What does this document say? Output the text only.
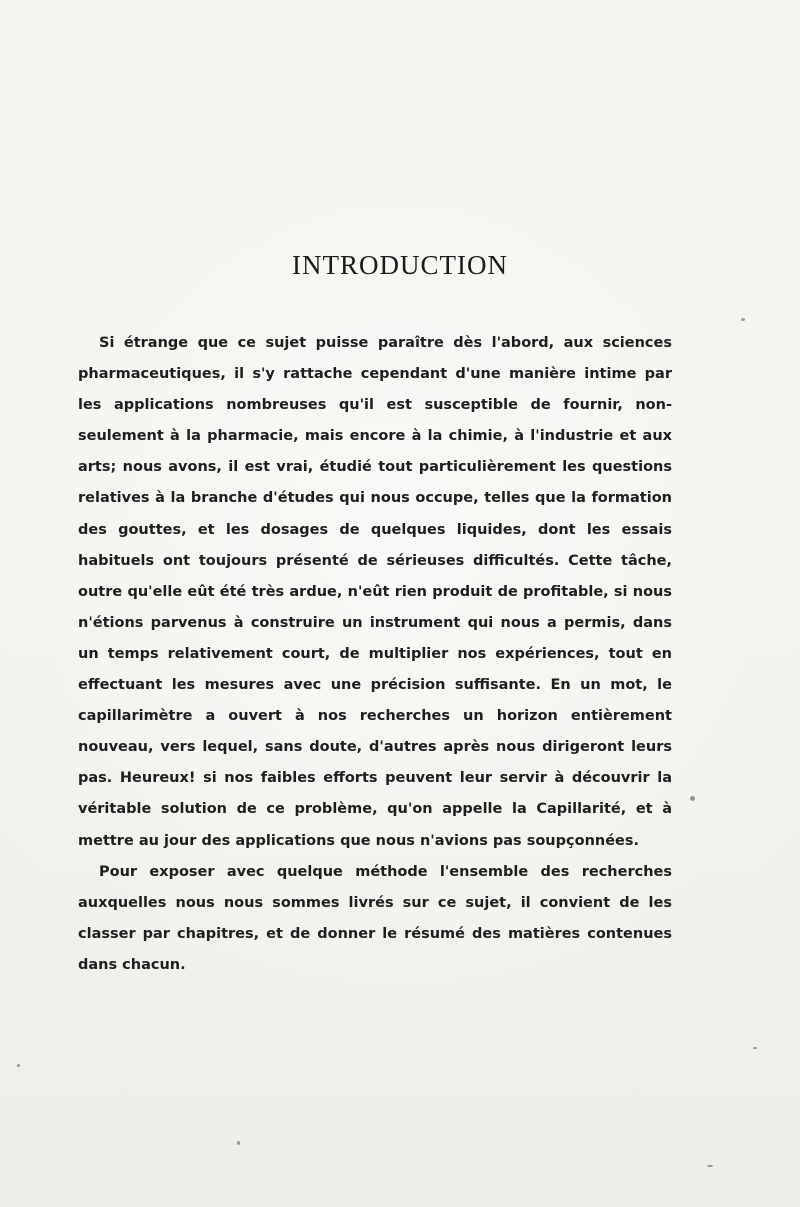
INTRODUCTION

Si étrange que ce sujet puisse paraître dès l'abord, aux sciences pharmaceutiques, il s'y rattache cependant d'une manière intime par les applications nombreuses qu'il est susceptible de fournir, non-seulement à la pharmacie, mais encore à la chimie, à l'industrie et aux arts; nous avons, il est vrai, étudié tout particulièrement les questions relatives à la branche d'études qui nous occupe, telles que la formation des gouttes, et les dosages de quelques liquides, dont les essais habituels ont toujours présenté de sérieuses difficultés. Cette tâche, outre qu'elle eût été très ardue, n'eût rien produit de profitable, si nous n'étions parvenus à construire un instrument qui nous a permis, dans un temps relativement court, de multiplier nos expériences, tout en effectuant les mesures avec une précision suffisante. En un mot, le capillarimètre a ouvert à nos recherches un horizon entièrement nouveau, vers lequel, sans doute, d'autres après nous dirigeront leurs pas. Heureux! si nos faibles efforts peuvent leur servir à découvrir la véritable solution de ce problème, qu'on appelle la Capillarité, et à mettre au jour des applications que nous n'avions pas soupçonnées.

Pour exposer avec quelque méthode l'ensemble des recherches auxquelles nous nous sommes livrés sur ce sujet, il convient de les classer par chapitres, et de donner le résumé des matières contenues dans chacun.
